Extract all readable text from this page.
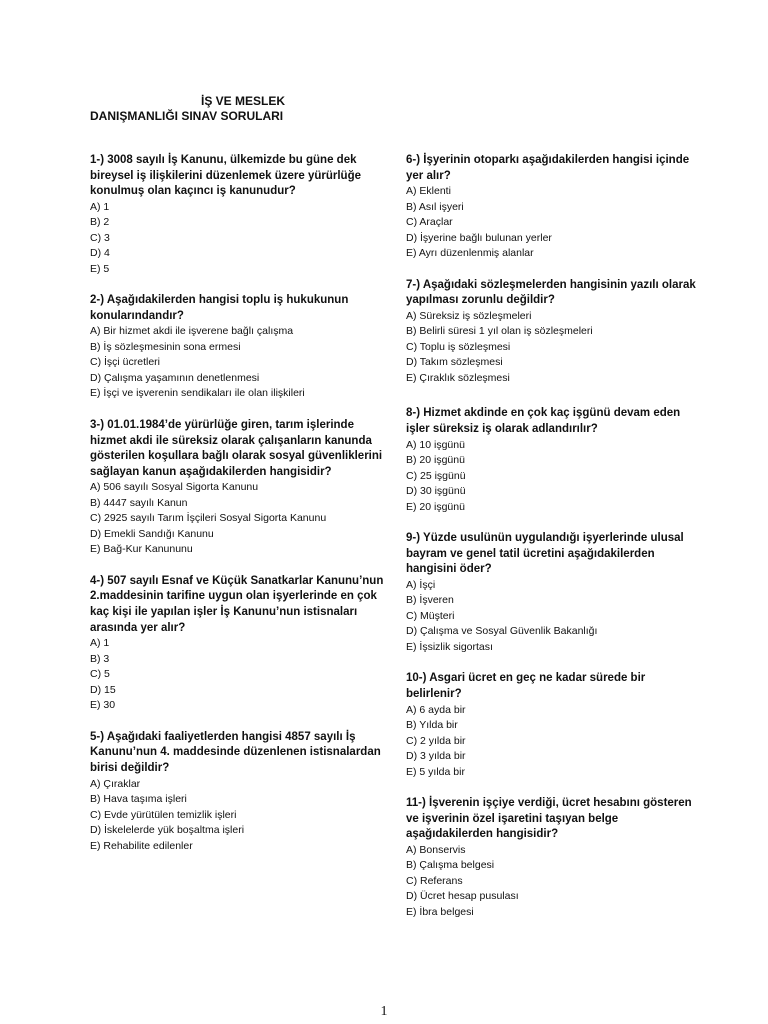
İŞ VE MESLEK
DANIŞMANLIĞI SINAV SORULARI
1-) 3008 sayılı İş Kanunu, ülkemizde bu güne dek bireysel iş ilişkilerini düzenlemek üzere yürürlüğe konulmuş olan kaçıncı iş kanunudur?
A) 1
B) 2
C) 3
D) 4
E) 5
2-) Aşağıdakilerden hangisi toplu iş hukukunun konularındandır?
A) Bir hizmet akdi ile işverene bağlı çalışma
B) İş sözleşmesinin sona ermesi
C) İşçi ücretleri
D) Çalışma yaşamının denetlenmesi
E) İşçi ve işverenin sendikaları ile olan ilişkileri
3-) 01.01.1984’de yürürlüğe giren, tarım işlerinde hizmet akdi ile süreksiz olarak çalışanların kanunda gösterilen koşullara bağlı olarak sosyal güvenliklerini sağlayan kanun aşağıdakilerden hangisidir?
A) 506 sayılı Sosyal Sigorta Kanunu
B) 4447 sayılı Kanun
C) 2925 sayılı Tarım İşçileri Sosyal Sigorta Kanunu
D) Emekli Sandığı Kanunu
E) Bağ-Kur Kanununu
4-) 507 sayılı Esnaf ve Küçük Sanatkarlar Kanunu’nun 2.maddesinin tarifine uygun olan işyerlerinde en çok kaç kişi ile yapılan işler İş Kanunu’nun istisnaları arasında yer alır?
A) 1
B) 3
C) 5
D) 15
E) 30
5-) Aşağıdaki faaliyetlerden hangisi 4857 sayılı İş Kanunu’nun 4. maddesinde düzenlenen istisnalardan birisi değildir?
A) Çıraklar
B) Hava taşıma işleri
C) Evde yürütülen temizlik işleri
D) İskelelerde yük boşaltma işleri
E) Rehabilite edilenler
6-) İşyerinin otoparkı aşağıdakilerden hangisi içinde yer alır?
A) Eklenti
B) Asıl işyeri
C) Araçlar
D) İşyerine bağlı bulunan yerler
E) Ayrı düzenlenmiş alanlar
7-) Aşağıdaki sözleşmelerden hangisinin yazılı olarak yapılması zorunlu değildir?
A) Süreksiz iş sözleşmeleri
B) Belirli süresi 1 yıl olan iş sözleşmeleri
C) Toplu iş sözleşmesi
D) Takım sözleşmesi
E) Çıraklık sözleşmesi
8-) Hizmet akdinde en çok kaç işgünü devam eden işler süreksiz iş olarak adlandırılır?
A) 10 işgünü
B) 20 işgünü
C) 25 işgünü
D) 30 işgünü
E) 20 işgünü
9-) Yüzde usulünün uygulandığı işyerlerinde ulusal bayram ve genel tatil ücretini aşağıdakilerden hangisini öder?
A) İşçi
B) İşveren
C) Müşteri
D) Çalışma ve Sosyal Güvenlik Bakanlığı
E) İşsizlik sigortası
10-) Asgari ücret en geç ne kadar sürede bir belirlenir?
A) 6 ayda bir
B) Yılda bir
C) 2 yılda bir
D) 3 yılda bir
E) 5 yılda bir
11-) İşverenin işçiye verdiği, ücret hesabını gösteren ve işverinin özel işaretini taşıyan belge aşağıdakilerden hangisidir?
A) Bonservis
B) Çalışma belgesi
C) Referans
D) Ücret hesap pusulası
E) İbra belgesi
1
